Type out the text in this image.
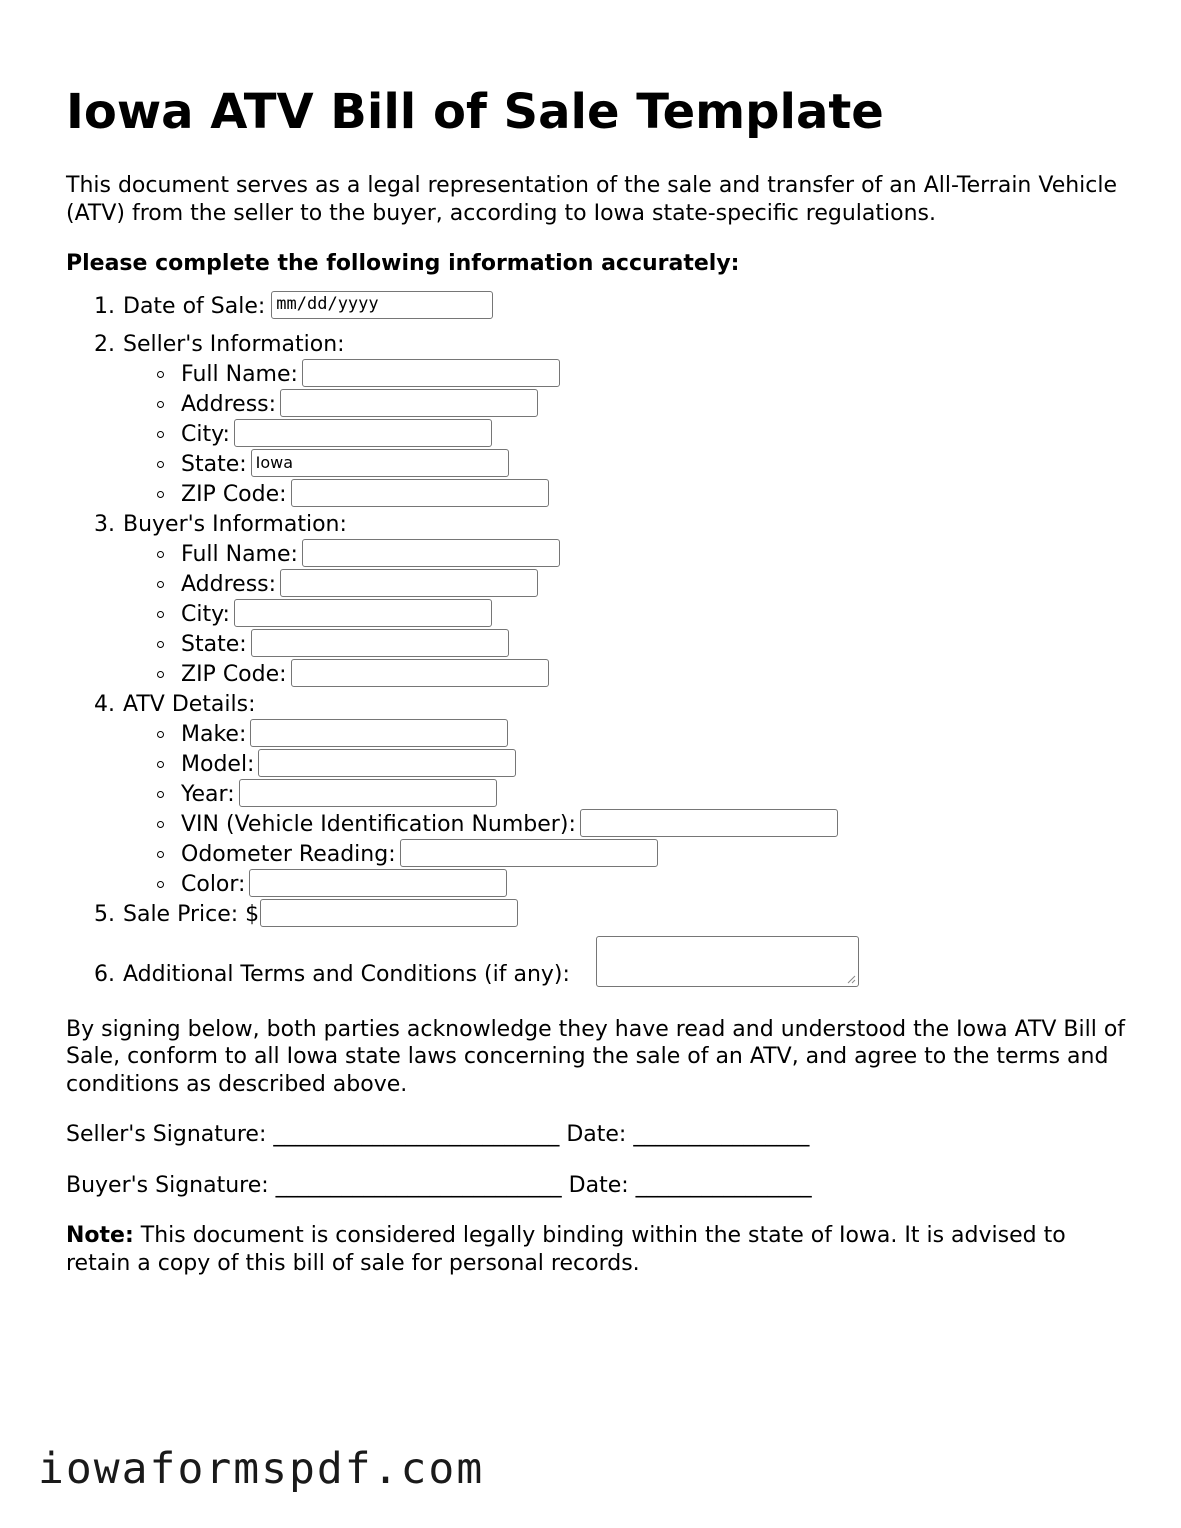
Iowa ATV Bill of Sale Template

This document serves as a legal representation of the sale and transfer of an All-Terrain Vehicle (ATV) from the seller to the buyer, according to Iowa state-specific regulations.

Please complete the following information accurately:

1. Date of Sale: mm/dd/yyyy
2. Seller's Information:
Full Name:
Address:
City:
State: Iowa
ZIP Code:
3. Buyer's Information:
Full Name:
Address:
City:
State:
ZIP Code:
4. ATV Details:
Make:
Model:
Year:
VIN (Vehicle Identification Number):
Odometer Reading:
Color:
5. Sale Price: $
6. Additional Terms and Conditions (if any):

By signing below, both parties acknowledge they have read and understood the Iowa ATV Bill of Sale, conform to all Iowa state laws concerning the sale of an ATV, and agree to the terms and conditions as described above.

Seller's Signature: __________________________ Date: ________________

Buyer's Signature: __________________________ Date: ________________

Note: This document is considered legally binding within the state of Iowa. It is advised to retain a copy of this bill of sale for personal records.

iowaformspdf.com
